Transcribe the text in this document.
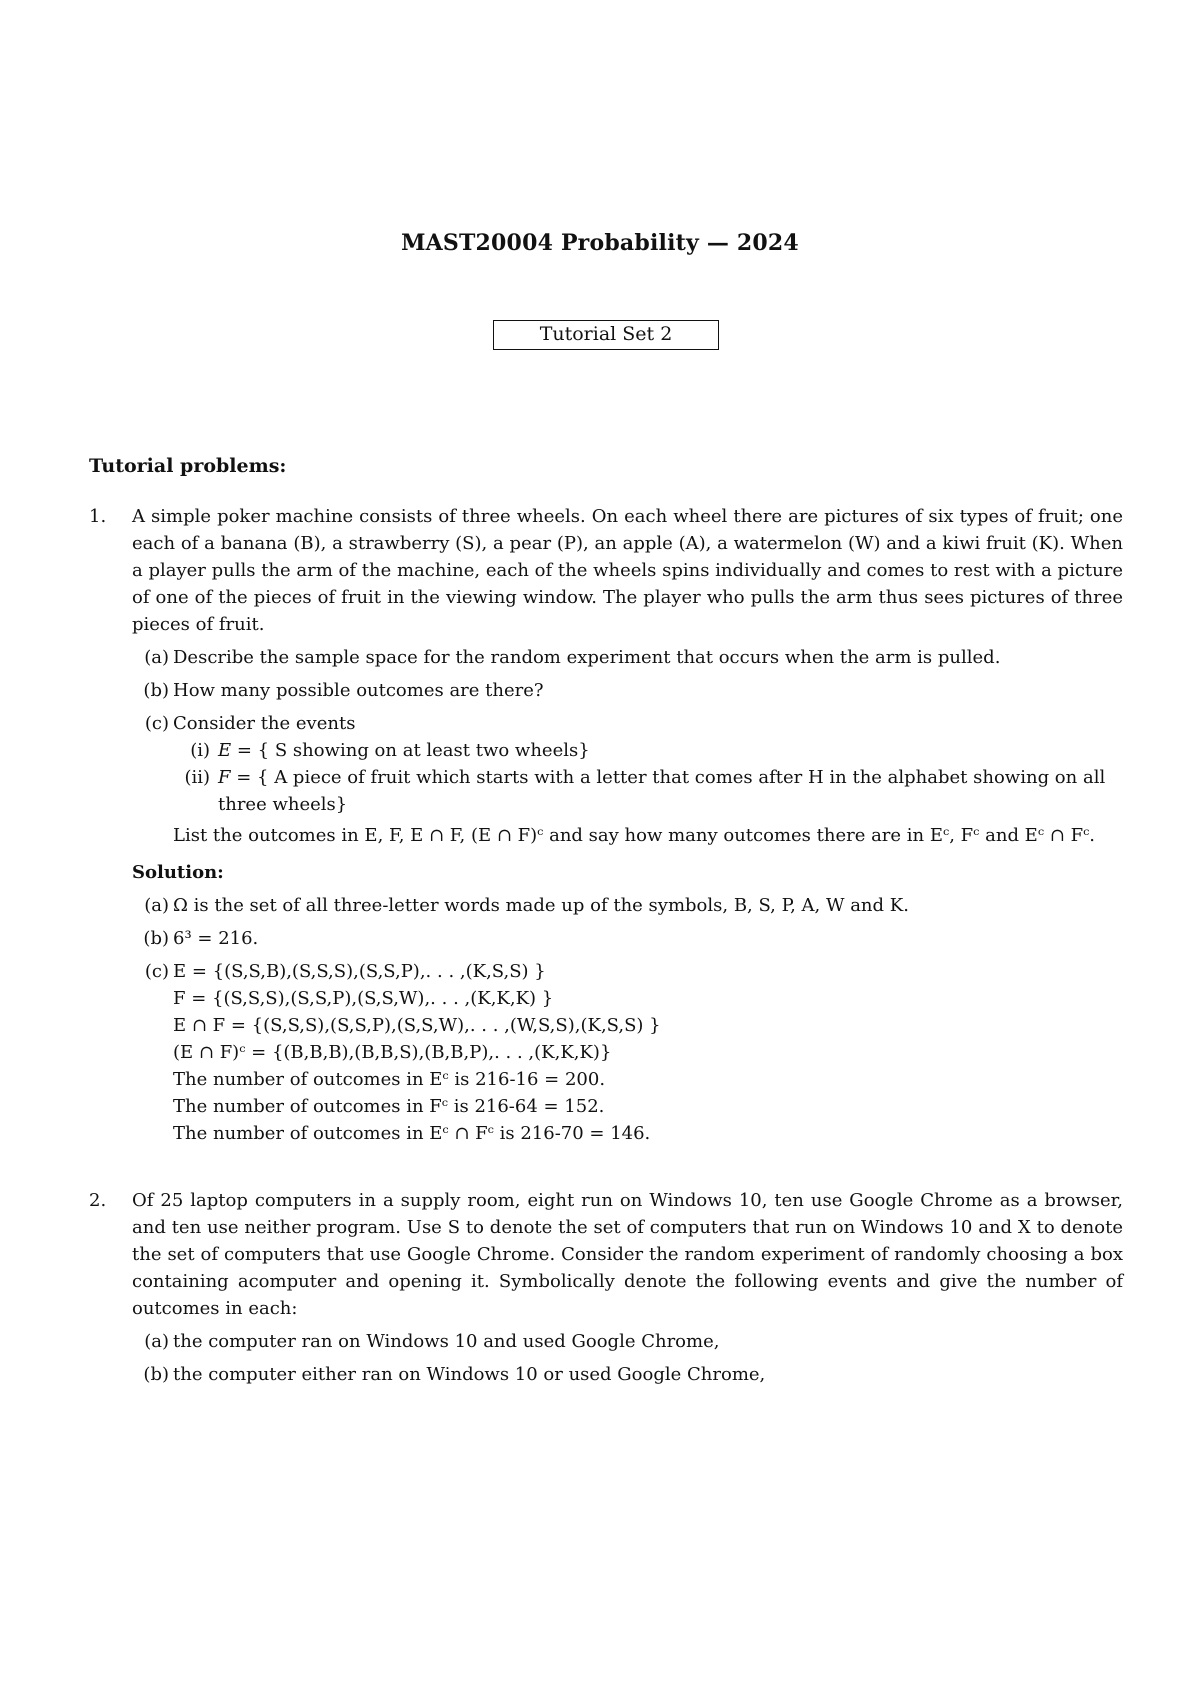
MAST20004 Probability — 2024
Tutorial Set 2
Tutorial problems:
1.	A simple poker machine consists of three wheels. On each wheel there are pictures of six types of fruit; one each of a banana (B), a strawberry (S), a pear (P), an apple (A), a watermelon (W) and a kiwi fruit (K). When a player pulls the arm of the machine, each of the wheels spins individually and comes to rest with a picture of one of the pieces of fruit in the viewing window. The player who pulls the arm thus sees pictures of three pieces of fruit.

(a) Describe the sample space for the random experiment that occurs when the arm is pulled.
(b) How many possible outcomes are there?
(c) Consider the events
(i) E = { S showing on at least two wheels}
(ii) F = { A piece of fruit which starts with a letter that comes after H in the alphabet showing on all three wheels}
List the outcomes in E, F, E ∩ F, (E ∩ F)ᶜ and say how many outcomes there are in Eᶜ, Fᶜ and Eᶜ ∩ Fᶜ.
Solution:
(a) Ω is the set of all three-letter words made up of the symbols, B, S, P, A, W and K.
(b) 6³ = 216.
(c) E = {(S,S,B),(S,S,S),(S,S,P),. . . ,(K,S,S) }
F = {(S,S,S),(S,S,P),(S,S,W),. . . ,(K,K,K) }
E ∩ F = {(S,S,S),(S,S,P),(S,S,W),. . . ,(W,S,S),(K,S,S) }
(E ∩ F)ᶜ = {(B,B,B),(B,B,S),(B,B,P),. . . ,(K,K,K)}
The number of outcomes in Eᶜ is 216-16 = 200.
The number of outcomes in Fᶜ is 216-64 = 152.
The number of outcomes in Eᶜ ∩ Fᶜ is 216-70 = 146.
2.	Of 25 laptop computers in a supply room, eight run on Windows 10, ten use Google Chrome as a browser, and ten use neither program. Use S to denote the set of computers that run on Windows 10 and X to denote the set of computers that use Google Chrome. Consider the random experiment of randomly choosing a box containing acomputer and opening it. Symbolically denote the following events and give the number of outcomes in each:

(a) the computer ran on Windows 10 and used Google Chrome,
(b) the computer either ran on Windows 10 or used Google Chrome,
